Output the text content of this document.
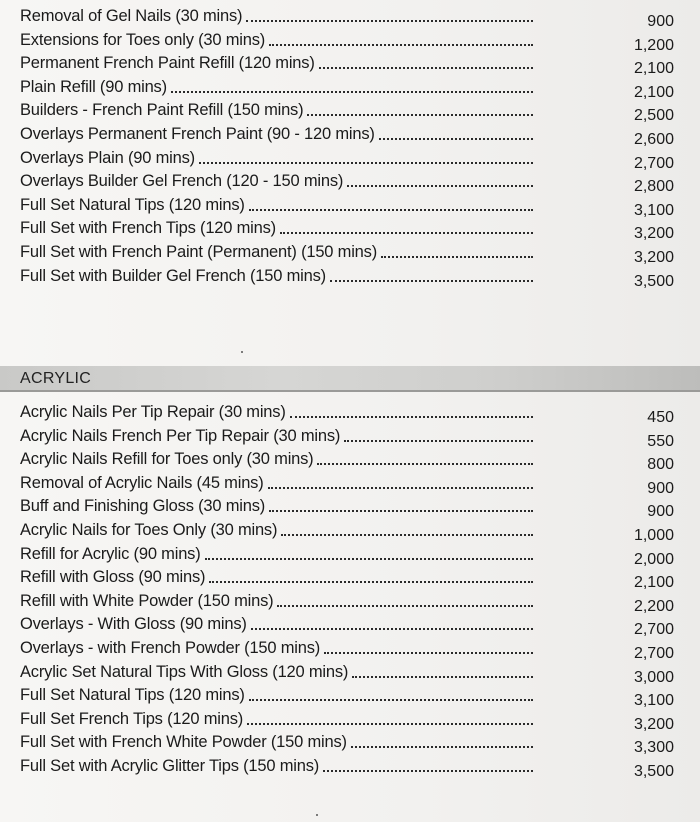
Removal of Gel Nails (30 mins)	900
Extensions for Toes only (30 mins)	1,200
Permanent French Paint Refill (120 mins)	2,100
Plain Refill (90 mins)	2,100
Builders - French Paint Refill (150 mins)	2,500
Overlays Permanent French Paint (90 - 120 mins)	2,600
Overlays Plain (90 mins)	2,700
Overlays Builder Gel French (120 - 150 mins)	2,800
Full Set Natural Tips (120 mins)	3,100
Full Set with French Tips (120 mins)	3,200
Full Set with French Paint (Permanent) (150 mins)	3,200
Full Set with Builder Gel French (150 mins)	3,500
ACRYLIC
Acrylic Nails Per Tip Repair (30 mins)	450
Acrylic Nails French Per Tip Repair (30 mins)	550
Acrylic Nails Refill for Toes only (30 mins)	800
Removal of Acrylic Nails (45 mins)	900
Buff and Finishing Gloss (30 mins)	900
Acrylic Nails for Toes Only (30 mins)	1,000
Refill for Acrylic (90 mins)	2,000
Refill with Gloss (90 mins)	2,100
Refill with White Powder (150 mins)	2,200
Overlays - With Gloss (90 mins)	2,700
Overlays - with French Powder (150 mins)	2,700
Acrylic Set Natural Tips With Gloss (120 mins)	3,000
Full Set Natural Tips (120 mins)	3,100
Full Set French Tips (120 mins)	3,200
Full Set with French White Powder (150 mins)	3,300
Full Set with Acrylic Glitter Tips (150 mins)	3,500
